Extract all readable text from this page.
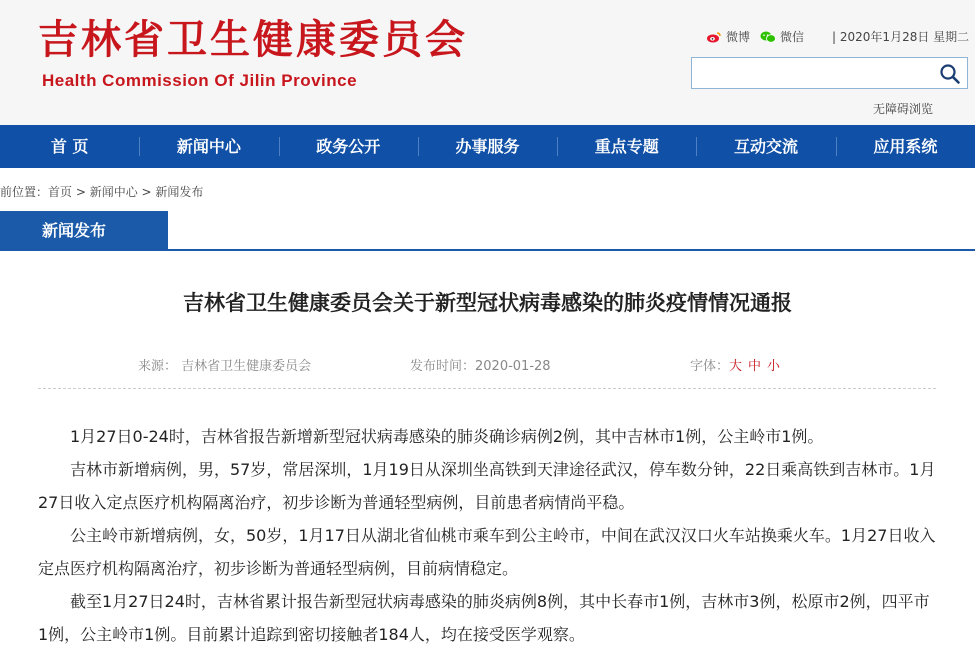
吉林省卫生健康委员会
Health Commission Of Jilin Province
微博	微信 | 2020年1月28日 星期二
无障碍浏览
首 页	新闻中心	政务公开	办事服务	重点专题	互动交流	应用系统
前位置：首页 > 新闻中心 > 新闻发布
新闻发布
吉林省卫生健康委员会关于新型冠状病毒感染的肺炎疫情情况通报
来源： 吉林省卫生健康委员会	发布时间：2020-01-28	字体：大 中 小

1月27日0-24时，吉林省报告新增新型冠状病毒感染的肺炎确诊病例2例，其中吉林市1例，公主岭市1例。

吉林市新增病例，男，57岁，常居深圳，1月19日从深圳坐高铁到天津途径武汉，停车数分钟，22日乘高铁到吉林市。1月27日收入定点医疗机构隔离治疗，初步诊断为普通轻型病例，目前患者病情尚平稳。

公主岭市新增病例，女，50岁，1月17日从湖北省仙桃市乘车到公主岭市，中间在武汉汉口火车站换乘火车。1月27日收入定点医疗机构隔离治疗，初步诊断为普通轻型病例，目前病情稳定。

截至1月27日24时，吉林省累计报告新型冠状病毒感染的肺炎病例8例，其中长春市1例，吉林市3例，松原市2例，四平市1例，公主岭市1例。目前累计追踪到密切接触者184人，均在接受医学观察。
